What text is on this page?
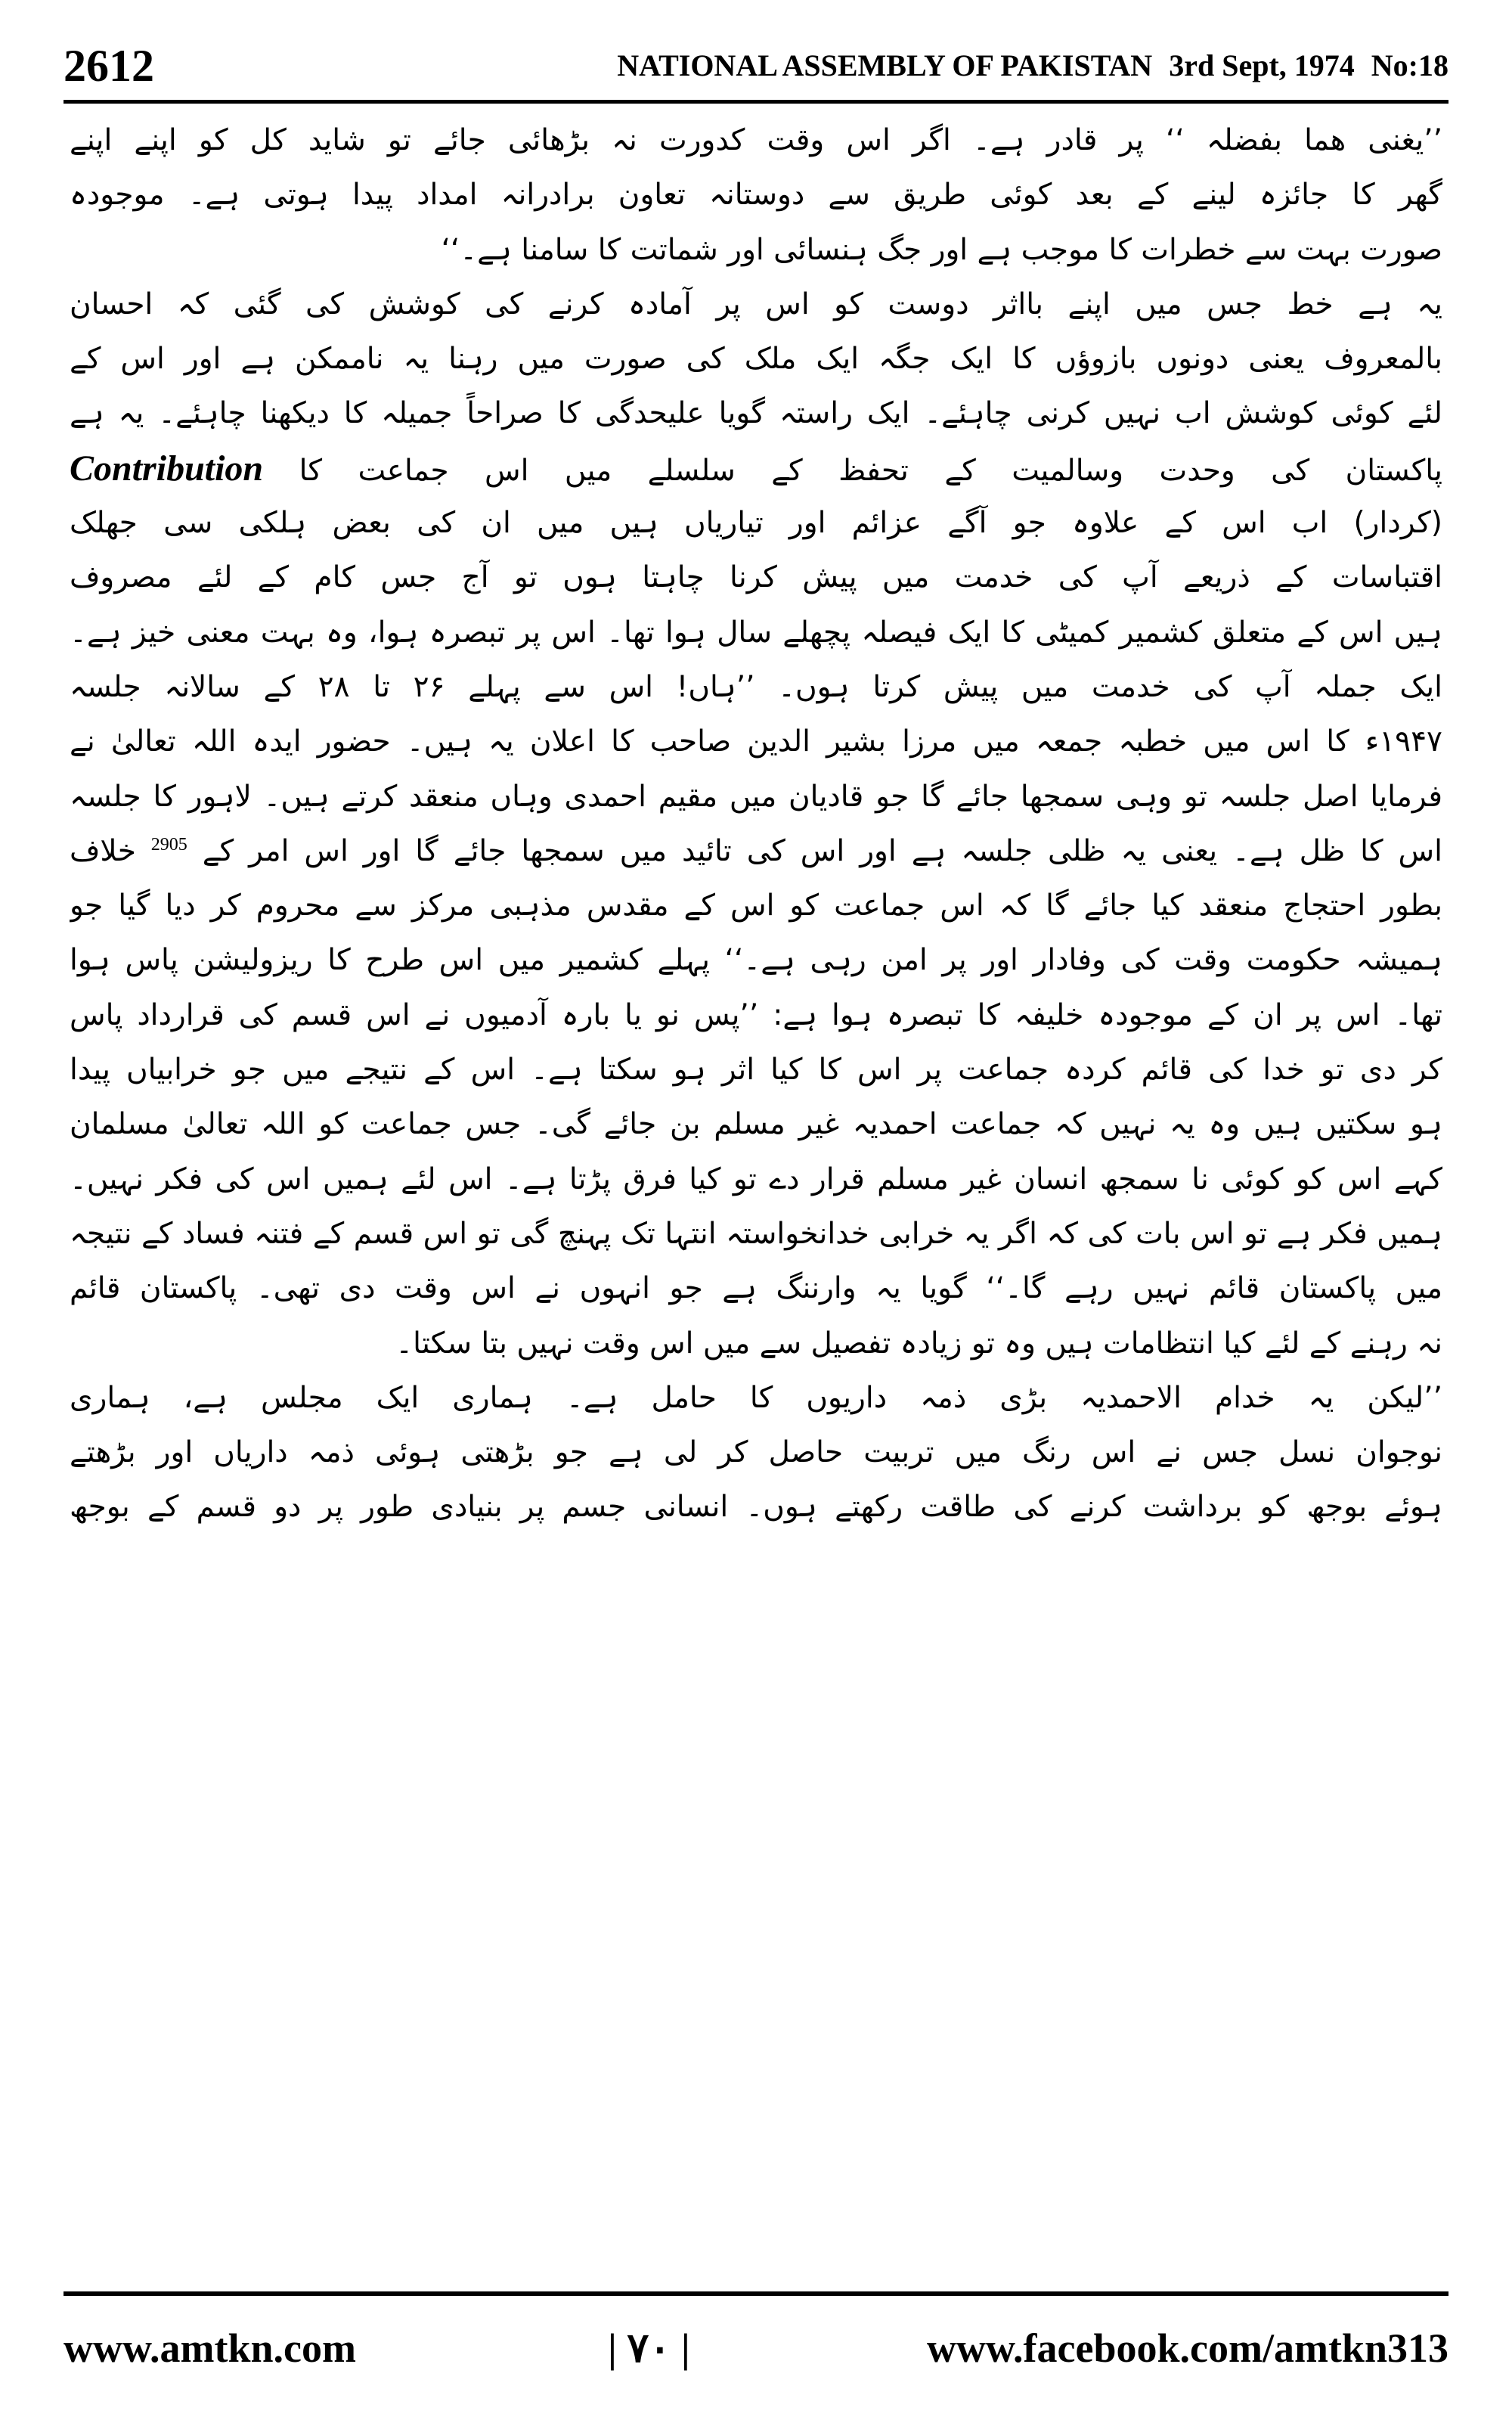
2612	NATIONAL ASSEMBLY OF PAKISTAN 3rd Sept, 1974 No:18
’’یغنی ھما بفضلہ ‘‘ پر قادر ہے۔ اگر اس وقت کدورت نہ بڑھائی جائے تو شاید کل کو اپنے اپنے
گھر کا جائزہ لینے کے بعد کوئی طریق سے دوستانہ تعاون برادرانہ امداد پیدا ہوتی ہے۔ موجودہ
صورت بہت سے خطرات کا موجب ہے اور جگ ہنسائی اور شماتت کا سامنا ہے۔‘‘
یہ ہے خط جس میں اپنے بااثر دوست کو اس پر آمادہ کرنے کی کوشش کی گئی کہ احسان
بالمعروف یعنی دونوں بازوؤں کا ایک جگہ ایک ملک کی صورت میں رہنا یہ ناممکن ہے اور اس کے
لئے کوئی کوشش اب نہیں کرنی چاہئے۔ ایک راستہ گویا علیحدگی کا صراحاً جمیلہ کا دیکھنا چاہئے۔ یہ ہے
پاکستان کی وحدت وسالمیت کے تحفظ کے سلسلے میں اس جماعت کا Contribution
(کردار) اب اس کے علاوہ جو آگے عزائم اور تیاریاں ہیں میں ان کی بعض ہلکی سی جھلک
اقتباسات کے ذریعے آپ کی خدمت میں پیش کرنا چاہتا ہوں تو آج جس کام کے لئے مصروف
ہیں اس کے متعلق کشمیر کمیٹی کا ایک فیصلہ پچھلے سال ہوا تھا۔ اس پر تبصرہ ہوا، وہ بہت معنی خیز ہے۔
ایک جملہ آپ کی خدمت میں پیش کرتا ہوں۔ ’’ہاں! اس سے پہلے ۲۶ تا ۲۸ کے سالانہ جلسہ
۱۹۴۷ء کا اس میں خطبہ جمعہ میں مرزا بشیر الدین صاحب کا اعلان یہ ہیں۔ حضور ایدہ اللہ تعالیٰ نے
فرمایا اصل جلسہ تو وہی سمجھا جائے گا جو قادیان میں مقیم احمدی وہاں منعقد کرتے ہیں۔ لاہور کا جلسہ
اس کا ظل ہے۔ یعنی یہ ظلی جلسہ ہے اور اس کی تائید میں سمجھا جائے گا اور اس امر کے $^{2905}$ خلاف
بطور احتجاج منعقد کیا جائے گا کہ اس جماعت کو اس کے مقدس مذہبی مرکز سے محروم کر دیا گیا جو
ہمیشہ حکومت وقت کی وفادار اور پر امن رہی ہے۔‘‘ پہلے کشمیر میں اس طرح کا ریزولیشن پاس ہوا
تھا۔ اس پر ان کے موجودہ خلیفہ کا تبصرہ ہوا ہے: ’’پس نو یا بارہ آدمیوں نے اس قسم کی قرارداد پاس
کر دی تو خدا کی قائم کردہ جماعت پر اس کا کیا اثر ہو سکتا ہے۔ اس کے نتیجے میں جو خرابیاں پیدا
ہو سکتیں ہیں وہ یہ نہیں کہ جماعت احمدیہ غیر مسلم بن جائے گی۔ جس جماعت کو اللہ تعالیٰ مسلمان
کہے اس کو کوئی نا سمجھ انسان غیر مسلم قرار دے تو کیا فرق پڑتا ہے۔ اس لئے ہمیں اس کی فکر نہیں۔
ہمیں فکر ہے تو اس بات کی کہ اگر یہ خرابی خدانخواستہ انتہا تک پہنچ گی تو اس قسم کے فتنہ فساد کے نتیجہ
میں پاکستان قائم نہیں رہے گا۔‘‘ گویا یہ وارننگ ہے جو انہوں نے اس وقت دی تھی۔ پاکستان قائم
نہ رہنے کے لئے کیا انتظامات ہیں وہ تو زیادہ تفصیل سے میں اس وقت نہیں بتا سکتا۔
’’لیکن یہ خدام الاحمدیہ بڑی ذمہ داریوں کا حامل ہے۔ ہماری ایک مجلس ہے، ہماری
نوجوان نسل جس نے اس رنگ میں تربیت حاصل کر لی ہے جو بڑھتی ہوئی ذمہ داریاں اور بڑھتے
ہوئے بوجھ کو برداشت کرنے کی طاقت رکھتے ہوں۔ انسانی جسم پر بنیادی طور پر دو قسم کے بوجھ
www.amtkn.com	| ۷۰ |	www.facebook.com/amtkn313
